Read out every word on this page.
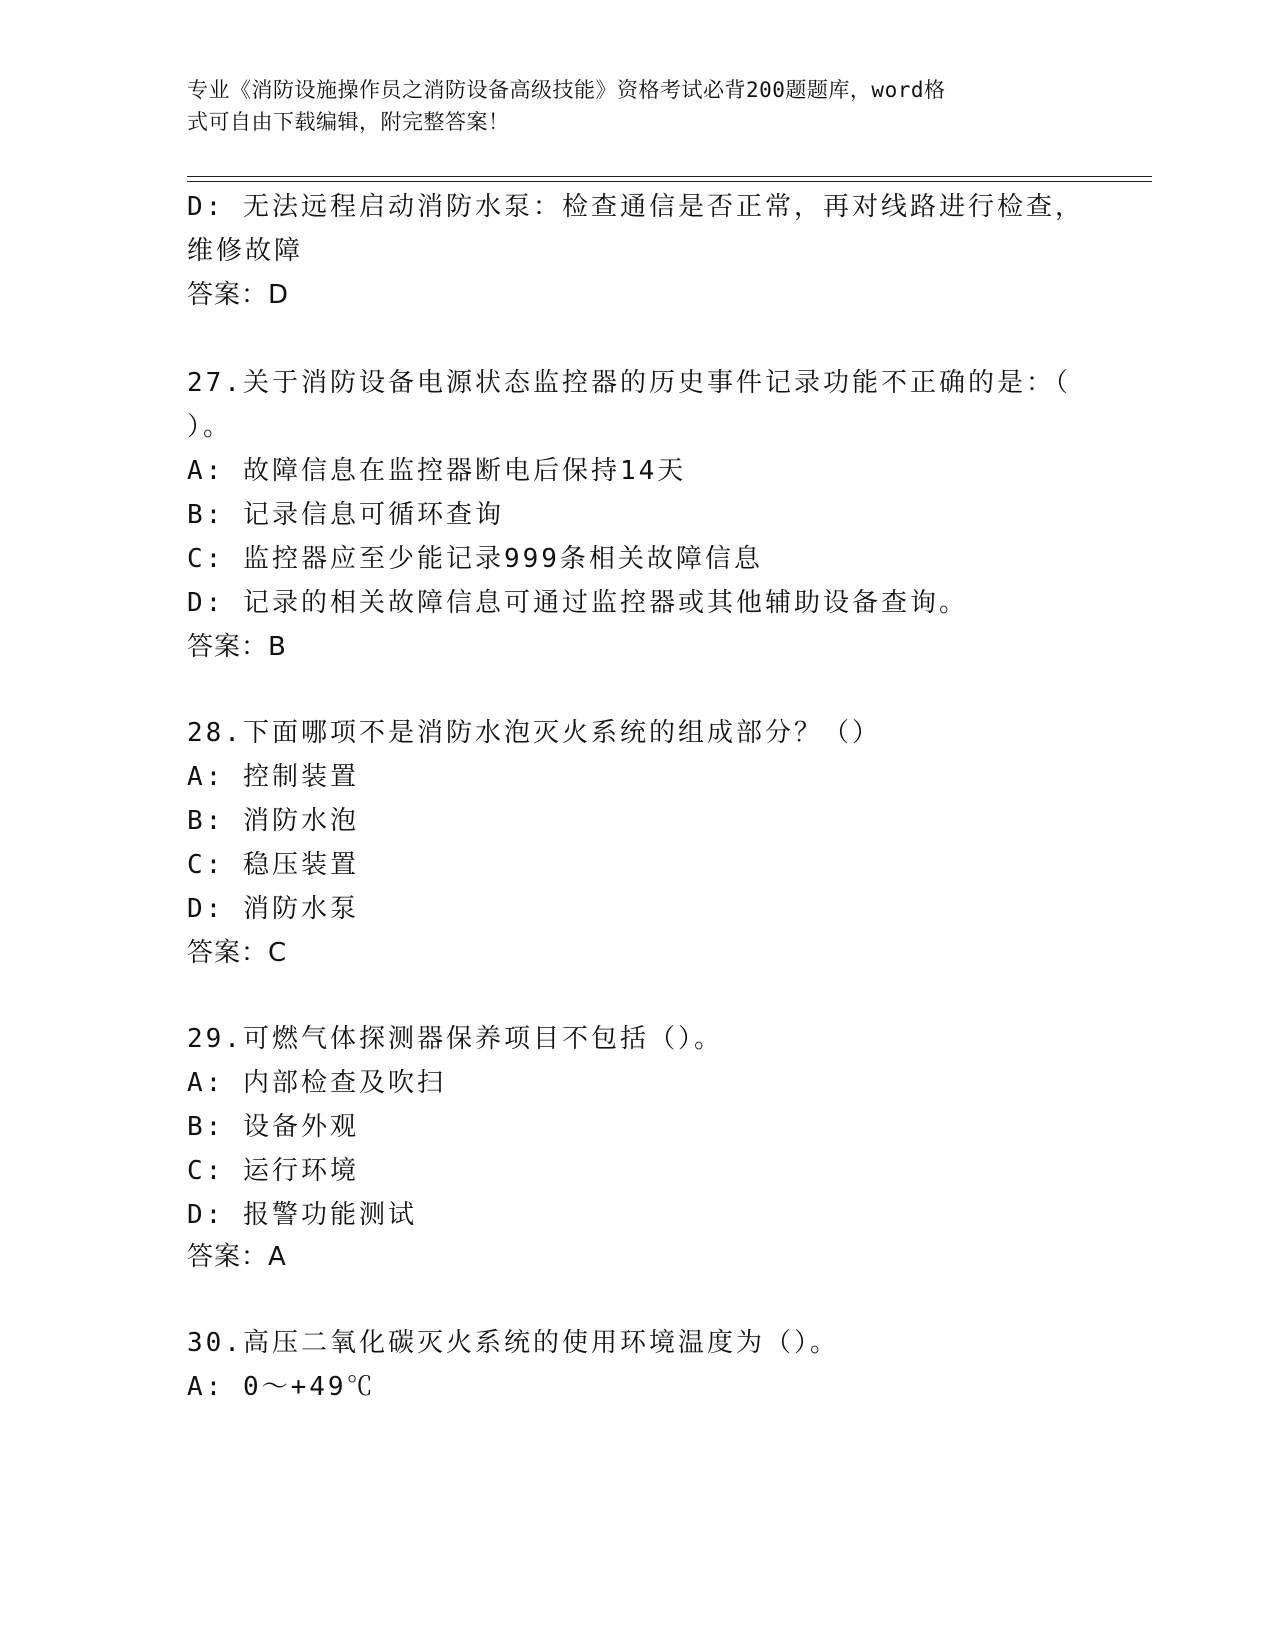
专业《消防设施操作员之消防设备高级技能》资格考试必背200题题库，word格
式可自由下载编辑，附完整答案！
D: 无法远程启动消防水泵：检查通信是否正常，再对线路进行检查，
维修故障
答案：D
27.关于消防设备电源状态监控器的历史事件记录功能不正确的是：（
）。
A: 故障信息在监控器断电后保持14天
B: 记录信息可循环查询
C: 监控器应至少能记录999条相关故障信息
D: 记录的相关故障信息可通过监控器或其他辅助设备查询。
答案：B
28.下面哪项不是消防水泡灭火系统的组成部分？（）
A: 控制装置
B: 消防水泡
C: 稳压装置
D: 消防水泵
答案：C
29.可燃气体探测器保养项目不包括（）。
A: 内部检查及吹扫
B: 设备外观
C: 运行环境
D: 报警功能测试
答案：A
30.高压二氧化碳灭火系统的使用环境温度为（）。
A: 0～+49℃
